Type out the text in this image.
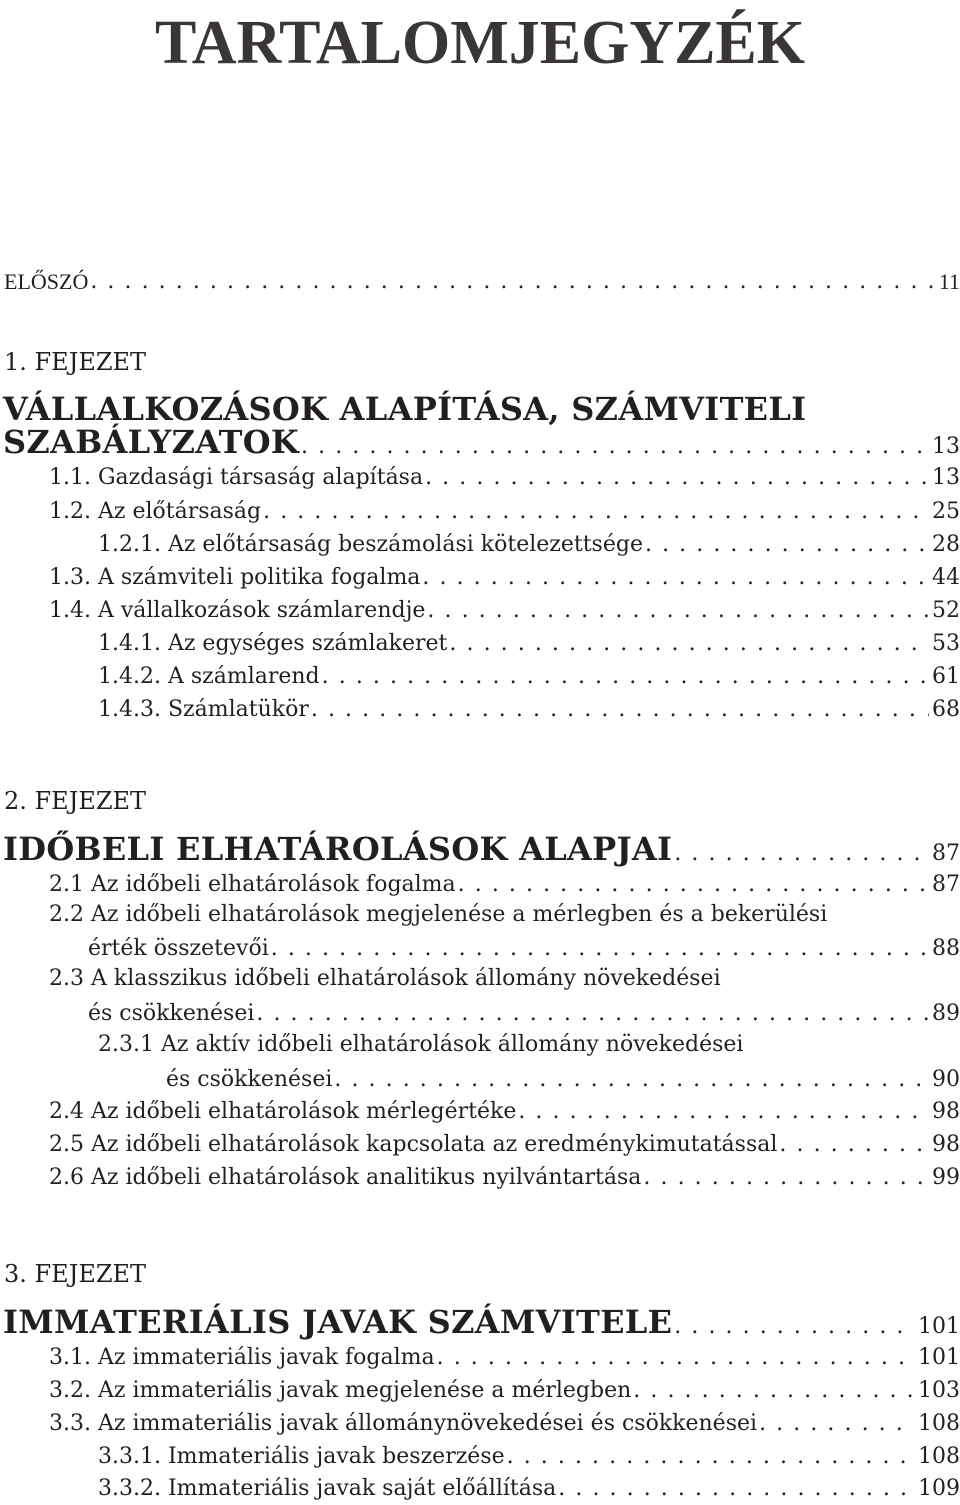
TARTALOMJEGYZÉK
ELŐSZÓ . . .	11
1. FEJEZET
VÁLLALKOZÁSOK ALAPÍTÁSA, SZÁMVITELI
SZABÁLYZATOK . . .	13
1.1. Gazdasági társaság alapítása . . .	13
1.2. Az előtársaság . . .	25
1.2.1. Az előtársaság beszámolási kötelezettsége . . .	28
1.3. A számviteli politika fogalma . . .	44
1.4. A vállalkozások számlarendje . . .	52
1.4.1. Az egységes számlakeret . . .	53
1.4.2. A számlarend . . .	61
1.4.3. Számlatükör . . .	68
2. FEJEZET
IDŐBELI ELHATÁROLÁSOK ALAPJAI . . .	87
2.1 Az időbeli elhatárolások fogalma . . .	87
2.2 Az időbeli elhatárolások megjelenése a mérlegben és a bekerülési
érték összetevői . . .	88
2.3 A klasszikus időbeli elhatárolások állomány növekedései
és csökkenései . . .	89
2.3.1 Az aktív időbeli elhatárolások állomány növekedései
és csökkenései . . .	90
2.4 Az időbeli elhatárolások mérlegértéke . . .	98
2.5 Az időbeli elhatárolások kapcsolata az eredménykimutatással . . .	98
2.6 Az időbeli elhatárolások analitikus nyilvántartása . . .	99
3. FEJEZET
IMMATERIÁLIS JAVAK SZÁMVITELE . . .	101
3.1. Az immateriális javak fogalma . . .	101
3.2. Az immateriális javak megjelenése a mérlegben . . .	103
3.3. Az immateriális javak állománynövekedései és csökkenései . . .	108
3.3.1. Immateriális javak beszerzése . . .	108
3.3.2. Immateriális javak saját előállítása . . .	109
